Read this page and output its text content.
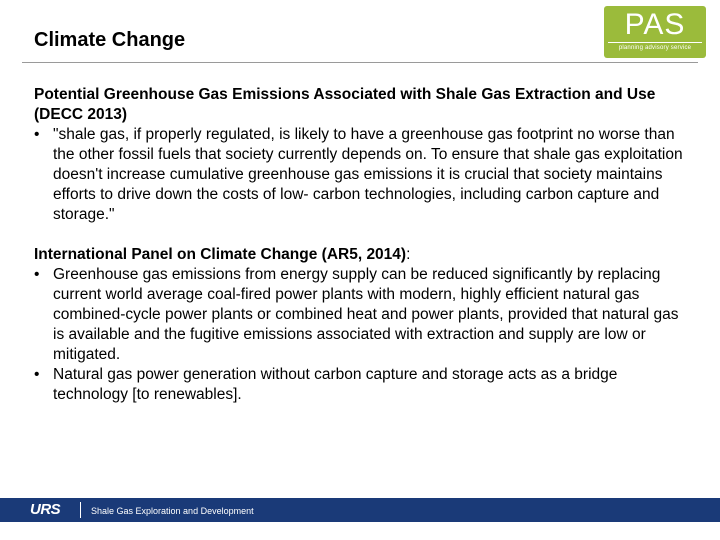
Climate Change	PAS
planning advisory service
Potential Greenhouse Gas Emissions Associated with Shale Gas Extraction and Use (DECC 2013)
• "shale gas, if properly regulated, is likely to have a greenhouse gas footprint no worse than the other fossil fuels that society currently depends on. To ensure that shale gas exploitation doesn't increase cumulative greenhouse gas emissions it is crucial that society maintains efforts to drive down the costs of low- carbon technologies, including carbon capture and storage."
International Panel on Climate Change (AR5, 2014):
• Greenhouse gas emissions from energy supply can be reduced significantly by replacing current world average coal‐fired power plants with modern, highly efficient natural gas combined‐cycle power plants or combined heat and power plants, provided that natural gas is available and the fugitive emissions associated with extraction and supply are low or mitigated.
• Natural gas power generation without carbon capture and storage acts as a bridge technology [to renewables].
URS	Shale Gas Exploration and Development
